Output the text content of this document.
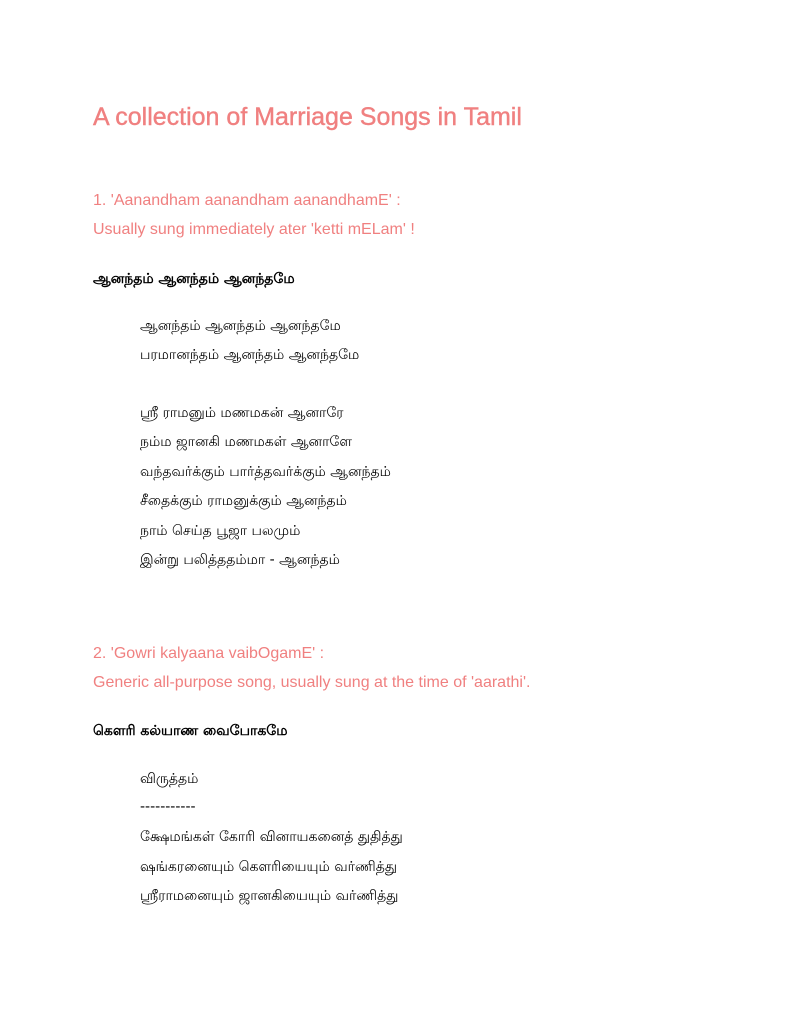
A collection of Marriage Songs in Tamil

1. 'Aanandham aanandham aanandhamE' :

Usually sung immediately ater 'ketti mELam' !

ஆனந்தம் ஆனந்தம் ஆனந்தமே

ஆனந்தம் ஆனந்தம் ஆனந்தமே

பரமானந்தம் ஆனந்தம் ஆனந்தமே

ஸ்ரீ ராமனும் மணமகன் ஆனாரே

நம்ம ஜானகி மணமகள் ஆனாளே

வந்தவர்க்கும் பார்த்தவர்க்கும் ஆனந்தம்

சீதைக்கும் ராமனுக்கும் ஆனந்தம்

நாம் செய்த பூஜா பலமும்

இன்று பலித்ததம்மா - ஆனந்தம்

2. 'Gowri kalyaana vaibOgamE' :

Generic all-purpose song, usually sung at the time of 'aarathi'.

கௌரி கல்யாண வைபோகமே

விருத்தம்

-----------

க்ஷேமங்கள் கோரி வினாயகனைத் துதித்து

ஷங்கரனையும் கௌரியையும் வர்ணித்து

ஸ்ரீராமனையும் ஜானகியையும் வர்ணித்து
